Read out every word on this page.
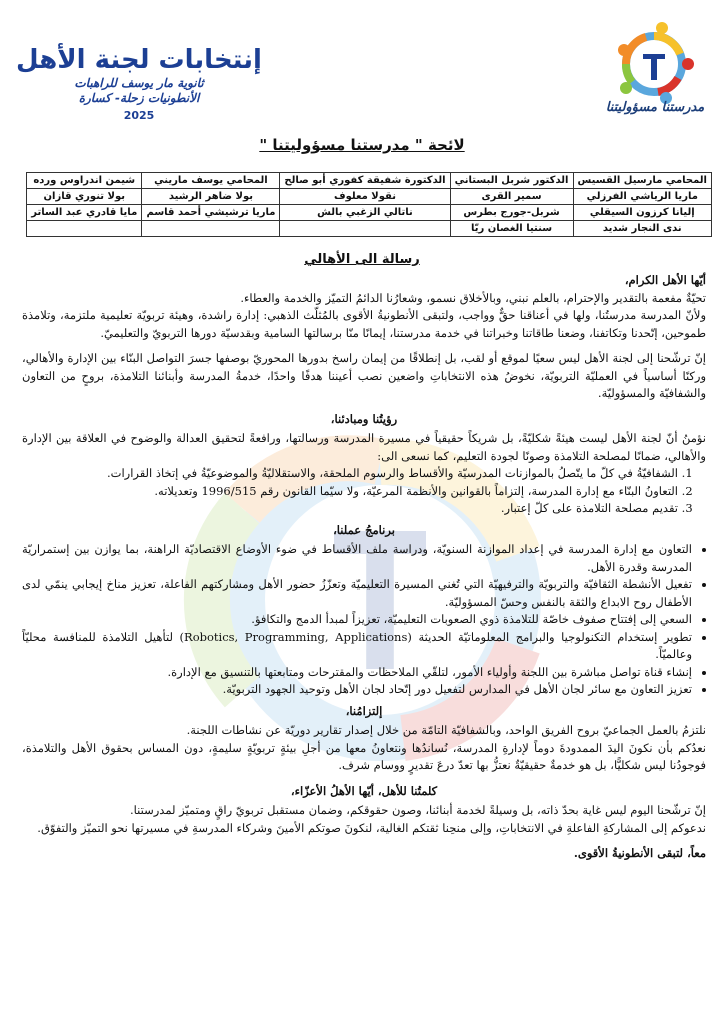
مدرستنا مسؤوليتنا
إنتخابات لجنة الأهل
ثانوية مار يوسف للراهبات
الأنطونيات زحلة- كسارة
2025
لائحة " مدرستنا مسؤوليتنا "
المحامي مارسيل القسيس	الدكتور شربل البستاني	الدكتورة شفيقة كفوري أبو صالح	المحامي يوسف ماريني	شيمن اندراوس ورده
ماريا الرياشي الفرزلي	سمير القرى	نقولا معلوف	بولا ضاهر الرشيد	بولا تنوري قازان
إليانا كرزون السيقلي	شربل-جورج بطرس	ناتالي الزغبي بالش	ماريا ترشيشي أحمد قاسم	مايا قادري عبد الساتر
ندى النجار شديد	سنتيا الغصان ريّا			
رسالة الى الأهالي

أيّها الأهل الكرام،

تحيّةٌ مفعمة بالتقدير والإحترام، بالعلم نبني، وبالأخلاق نسمو، وشعارُنا الدائمُ التميّز والخدمة والعطاء.

ولأنّ المدرسة مدرستُنا، ولها في أعناقنا حقٌّ وواجب، ولتبقى الأنطونيةُ الأقوى بالمُثلّث الذهبي: إدارة راشدة، وهيئة تربويّة تعليمية ملتزمة، وتلامذة طموحين، إتّحدنا وتكاتفنا، وضعنا طاقاتنا وخبراتنا في خدمة مدرستنا، إيمانًا منّا برسالتها السامية وبقدسيّة دورها التربويّ والتعليميّ.

إنّ ترشّحنا إلى لجنة الأهل ليس سعيًا لموقع أو لقب، بل إنطلاقًا من إيمان راسخ بدورها المحوريّ بوصفها جسرَ التواصل البنّاء بين الإدارة والأهالي، وركنًا أساسياً في العمليّة التربويّة، نخوضُ هذه الانتخاباتِ واضعين نصب أعيننا هدفًا واحدًا، خدمةُ المدرسة وأبنائنا التلامذة، بروحٍ من التعاون والشفافيّة والمسؤوليّة.

رؤيتُنا ومبادئنا،

نؤمنُ أنّ لجنة الأهل ليست هيئةً شكليّةً، بل شريكاً حقيقياً في مسيرة المدرسة ورسالتها، ورافعةً لتحقيق العدالة والوضوح في العلاقة بين الإدارة والأهالي، ضمانًا لمصلحة التلامذة وصونًا لجودة التعليم، كما نسعى الى:

1. الشفافيّةُ في كلّ ما يتّصلُ بالموازنات المدرسيّة والأقساط والرسوم الملحقة، والاستقلاليّةُ والموضوعيّةُ في إتخاذ القرارات.
2. التعاونُ البنّاء مع إدارة المدرسة، إلتزاماً بالقوانين والأنظمة المرعيّة، ولا سيّما القانون رقم 1996/515 وتعديلاته.
3. تقديم مصلحة التلامذة على كلّ إعتبار.

برنامجُ عملنا،

• التعاون مع إدارة المدرسة في إعداد الموازنة السنويّة، ودراسة ملف الأقساط في ضوء الأوضاع الاقتصاديّة الراهنة، بما يوازن بين إستمراريّة المدرسة وقدرة الأهل.
• تفعيل الأنشطة الثقافيّة والتربويّة والترفيهيّة التي تُغني المسيرة التعليميّة وتعزّزُ حضور الأهل ومشاركتهم الفاعلة، تعزيز مناخ إيجابي ينمّي لدى الأطفال روح الابداع والثقة بالنفس وحسّ المسؤوليّة.
• السعي إلى إفتتاح صفوف خاصّة للتلامذة ذوي الصعوبات التعليميّة، تعزيزاً لمبدأ الدمج والتكافؤ.
• تطوير إستخدام التكنولوجيا والبرامج المعلوماتيّة الحديثة (Robotics, Programming, Applications) لتأهيل التلامذة للمنافسة محليّاً وعالميّاً.
• إنشاء قناة تواصل مباشرة بين اللجنة وأولياء الأمور، لتلقّي الملاحظات والمقترحات ومتابعتها بالتنسيق مع الإدارة.
• تعزيز التعاون مع سائر لجان الأهل في المدارس لتفعيل دور إتّحاد لجان الأهل وتوحيد الجهود التربويّة.

إلتزامُنا،

نلتزمُ بالعمل الجماعيّ بروح الفريق الواحد، وبالشفافيّة التامّة من خلال إصدار تقارير دوريّة عن نشاطات اللجنة.

نعدُكم بأن نكونَ اليدَ الممدودةَ دوماً لإدارةِ المدرسة، نُساندُها ونتعاونُ معها من أجلِ بيئةٍ تربويّةٍ سليمةٍ، دون المساس بحقوق الأهل والتلامذة، فوجودُنا ليس شكليًّا، بل هو خدمةٌ حقيقيّةٌ نعتزُّ بها تعدّ درعَ تقديرٍ ووسام شرف.

كلمتُنا للأهل، أيّها الأهلُ الأعزّاء،

إنّ ترشّحنا اليوم ليس غاية بحدّ ذاته، بل وسيلةً لخدمة أبنائنا، وصون حقوقكم، وضمان مستقبل تربويّ راقٍ ومتميّز لمدرستنا.

ندعوكم إلى المشاركةِ الفاعلةِ في الانتخاباتِ، وإلى منحِنا ثقتكم الغالية، لنكونَ صوتكم الأمينَ وشركاء المدرسةِ في مسيرتها نحو التميّز والتفوّق.

معاً، لتبقى الأنطونيةُ الأقوى.
